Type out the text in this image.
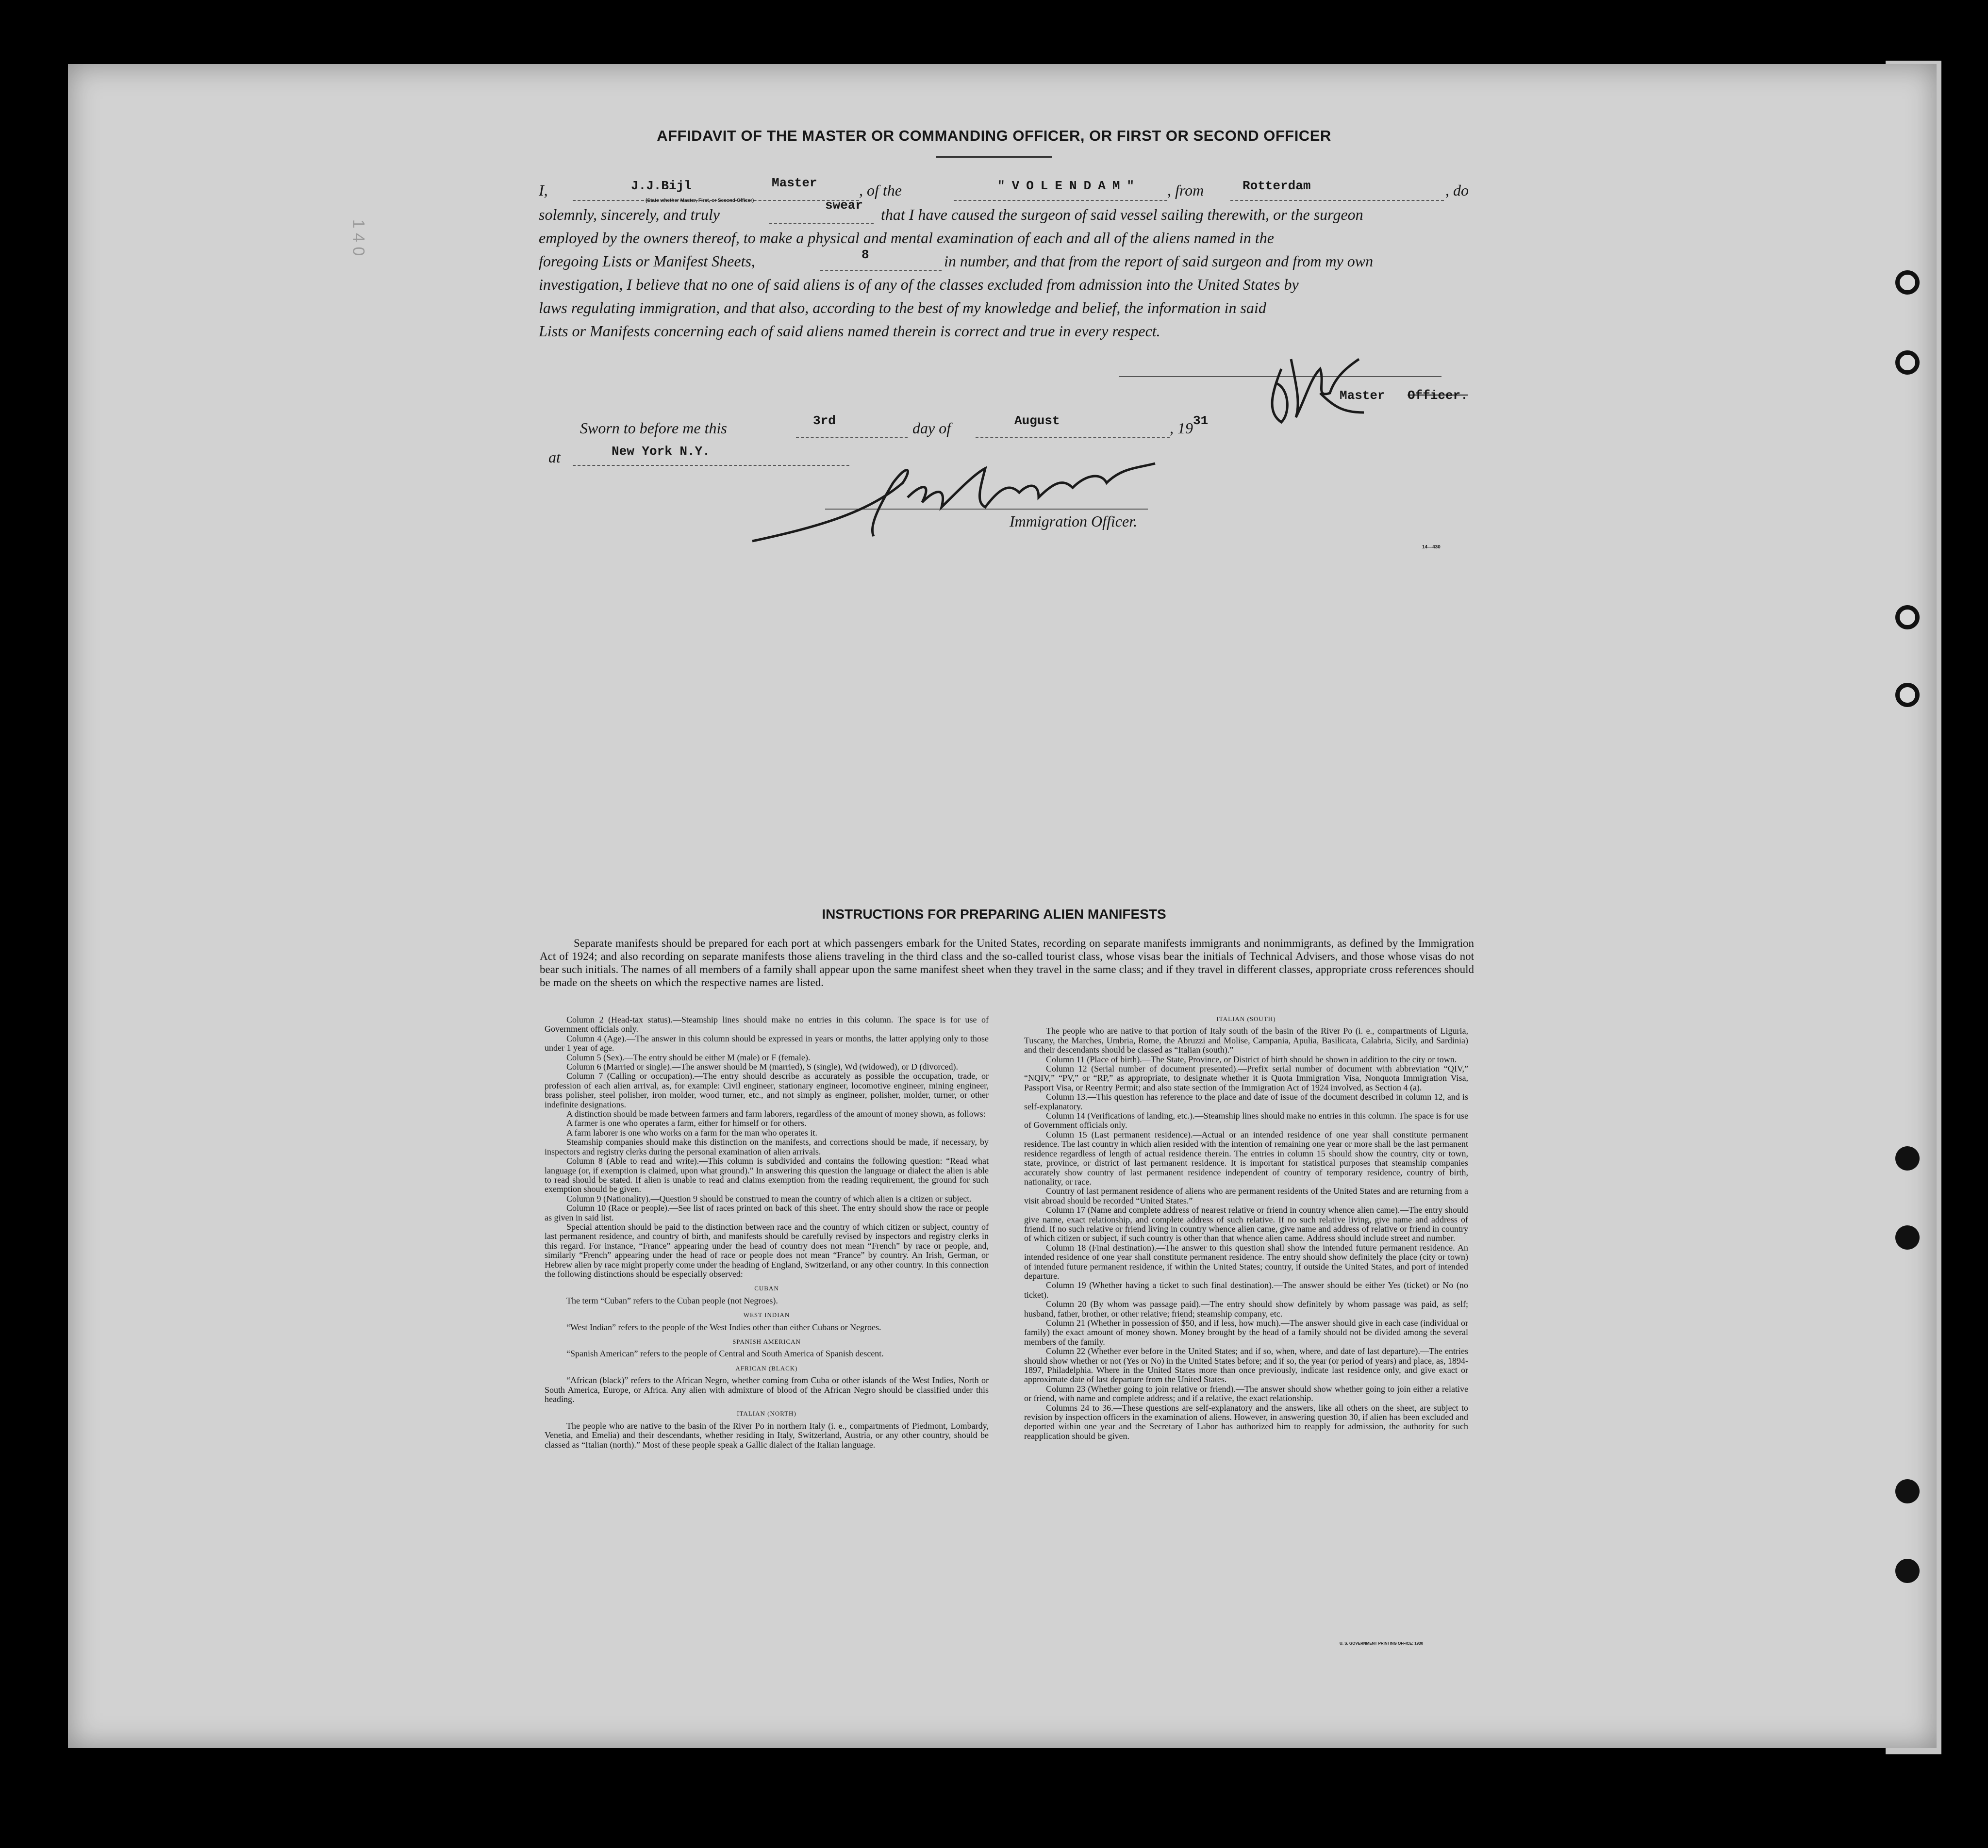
1 4 0
AFFIDAVIT OF THE MASTER OR COMMANDING OFFICER, OR FIRST OR SECOND OFFICER
I,	J.J.Bijl	Master
(State whether Master, First, or Second Officer)
, of the	"VOLENDAM" , from	Rotterdam	, do
solemnly, sincerely, and truly
swear
that I have caused the surgeon of said vessel sailing therewith, or the surgeon
employed by the owners thereof, to make a physical and mental examination of each and all of the aliens named in the
foregoing Lists or Manifest Sheets,	8	in number, and that from the report of said surgeon and from my own
investigation, I believe that no one of said aliens is of any of the classes excluded from admission into the United States by
laws regulating immigration, and that also, according to the best of my knowledge and belief, the information in said
Lists or Manifests concerning each of said aliens named therein is correct and true in every respect.
Master Officer.
Sworn to before me this	3rd	day of	August	, 19 31
at	New York N.Y.
Immigration Officer.
14—430
INSTRUCTIONS FOR PREPARING ALIEN MANIFESTS
Separate manifests should be prepared for each port at which passengers embark for the United States, recording on separate manifests immigrants and nonimmigrants, as defined by the Immigration Act of 1924; and also recording on separate manifests those aliens traveling in the third class and the so-called tourist class, whose visas bear the initials of Technical Advisers, and those whose visas do not bear such initials. The names of all members of a family shall appear upon the same manifest sheet when they travel in the same class; and if they travel in different classes, appropriate cross references should be made on the sheets on which the respective names are listed.

Column 2 (Head-tax status).—Steamship lines should make no entries in this column. The space is for use of Government officials only.

Column 4 (Age).—The answer in this column should be expressed in years or months, the latter applying only to those under 1 year of age.

Column 5 (Sex).—The entry should be either M (male) or F (female).

Column 6 (Married or single).—The answer should be M (married), S (single), Wd (widowed), or D (divorced).

Column 7 (Calling or occupation).—The entry should describe as accurately as possible the occupation, trade, or profession of each alien arrival, as, for example: Civil engineer, stationary engineer, locomotive engineer, mining engineer, brass polisher, steel polisher, iron molder, wood turner, etc., and not simply as engineer, polisher, molder, turner, or other indefinite designations.

A distinction should be made between farmers and farm laborers, regardless of the amount of money shown, as follows:

A farmer is one who operates a farm, either for himself or for others.

A farm laborer is one who works on a farm for the man who operates it.

Steamship companies should make this distinction on the manifests, and corrections should be made, if necessary, by inspectors and registry clerks during the personal examination of alien arrivals.

Column 8 (Able to read and write).—This column is subdivided and contains the following question: “Read what language (or, if exemption is claimed, upon what ground).” In answering this question the language or dialect the alien is able to read should be stated. If alien is unable to read and claims exemption from the reading requirement, the ground for such exemption should be given.

Column 9 (Nationality).—Question 9 should be construed to mean the country of which alien is a citizen or subject.

Column 10 (Race or people).—See list of races printed on back of this sheet. The entry should show the race or people as given in said list.

Special attention should be paid to the distinction between race and the country of which citizen or subject, country of last permanent residence, and country of birth, and manifests should be carefully revised by inspectors and registry clerks in this regard. For instance, “France” appearing under the head of country does not mean “French” by race or people, and, similarly “French” appearing under the head of race or people does not mean “France” by country. An Irish, German, or Hebrew alien by race might properly come under the heading of England, Switzerland, or any other country. In this connection the following distinctions should be especially observed:

CUBAN

The term “Cuban” refers to the Cuban people (not Negroes).

WEST INDIAN

“West Indian” refers to the people of the West Indies other than either Cubans or Negroes.

SPANISH AMERICAN

“Spanish American” refers to the people of Central and South America of Spanish descent.

AFRICAN (BLACK)

“African (black)” refers to the African Negro, whether coming from Cuba or other islands of the West Indies, North or South America, Europe, or Africa. Any alien with admixture of blood of the African Negro should be classified under this heading.

ITALIAN (NORTH)

The people who are native to the basin of the River Po in northern Italy (i. e., compartments of Piedmont, Lombardy, Venetia, and Emelia) and their descendants, whether residing in Italy, Switzerland, Austria, or any other country, should be classed as “Italian (north).” Most of these people speak a Gallic dialect of the Italian language.

ITALIAN (SOUTH)

The people who are native to that portion of Italy south of the basin of the River Po (i. e., compartments of Liguria, Tuscany, the Marches, Umbria, Rome, the Abruzzi and Molise, Campania, Apulia, Basilicata, Calabria, Sicily, and Sardinia) and their descendants should be classed as “Italian (south).”

Column 11 (Place of birth).—The State, Province, or District of birth should be shown in addition to the city or town.

Column 12 (Serial number of document presented).—Prefix serial number of document with abbreviation “QIV,” “NQIV,” “PV,” or “RP,” as appropriate, to designate whether it is Quota Immigration Visa, Nonquota Immigration Visa, Passport Visa, or Reentry Permit; and also state section of the Immigration Act of 1924 involved, as Section 4 (a).

Column 13.—This question has reference to the place and date of issue of the document described in column 12, and is self-explanatory.

Column 14 (Verifications of landing, etc.).—Steamship lines should make no entries in this column. The space is for use of Government officials only.

Column 15 (Last permanent residence).—Actual or an intended residence of one year shall constitute permanent residence. The last country in which alien resided with the intention of remaining one year or more shall be the last permanent residence regardless of length of actual residence therein. The entries in column 15 should show the country, city or town, state, province, or district of last permanent residence. It is important for statistical purposes that steamship companies accurately show country of last permanent residence independent of country of temporary residence, country of birth, nationality, or race.

Country of last permanent residence of aliens who are permanent residents of the United States and are returning from a visit abroad should be recorded “United States.”

Column 17 (Name and complete address of nearest relative or friend in country whence alien came).—The entry should give name, exact relationship, and complete address of such relative. If no such relative living, give name and address of friend. If no such relative or friend living in country whence alien came, give name and address of relative or friend in country of which citizen or subject, if such country is other than that whence alien came. Address should include street and number.

Column 18 (Final destination).—The answer to this question shall show the intended future permanent residence. An intended residence of one year shall constitute permanent residence. The entry should show definitely the place (city or town) of intended future permanent residence, if within the United States; country, if outside the United States, and port of intended departure.

Column 19 (Whether having a ticket to such final destination).—The answer should be either Yes (ticket) or No (no ticket).

Column 20 (By whom was passage paid).—The entry should show definitely by whom passage was paid, as self; husband, father, brother, or other relative; friend; steamship company, etc.

Column 21 (Whether in possession of $50, and if less, how much).—The answer should give in each case (individual or family) the exact amount of money shown. Money brought by the head of a family should not be divided among the several members of the family.

Column 22 (Whether ever before in the United States; and if so, when, where, and date of last departure).—The entries should show whether or not (Yes or No) in the United States before; and if so, the year (or period of years) and place, as, 1894-1897, Philadelphia. Where in the United States more than once previously, indicate last residence only, and give exact or approximate date of last departure from the United States.

Column 23 (Whether going to join relative or friend).—The answer should show whether going to join either a relative or friend, with name and complete address; and if a relative, the exact relationship.

Columns 24 to 36.—These questions are self-explanatory and the answers, like all others on the sheet, are subject to revision by inspection officers in the examination of aliens. However, in answering question 30, if alien has been excluded and deported within one year and the Secretary of Labor has authorized him to reapply for admission, the authority for such reapplication should be given.

U. S. GOVERNMENT PRINTING OFFICE: 1930
